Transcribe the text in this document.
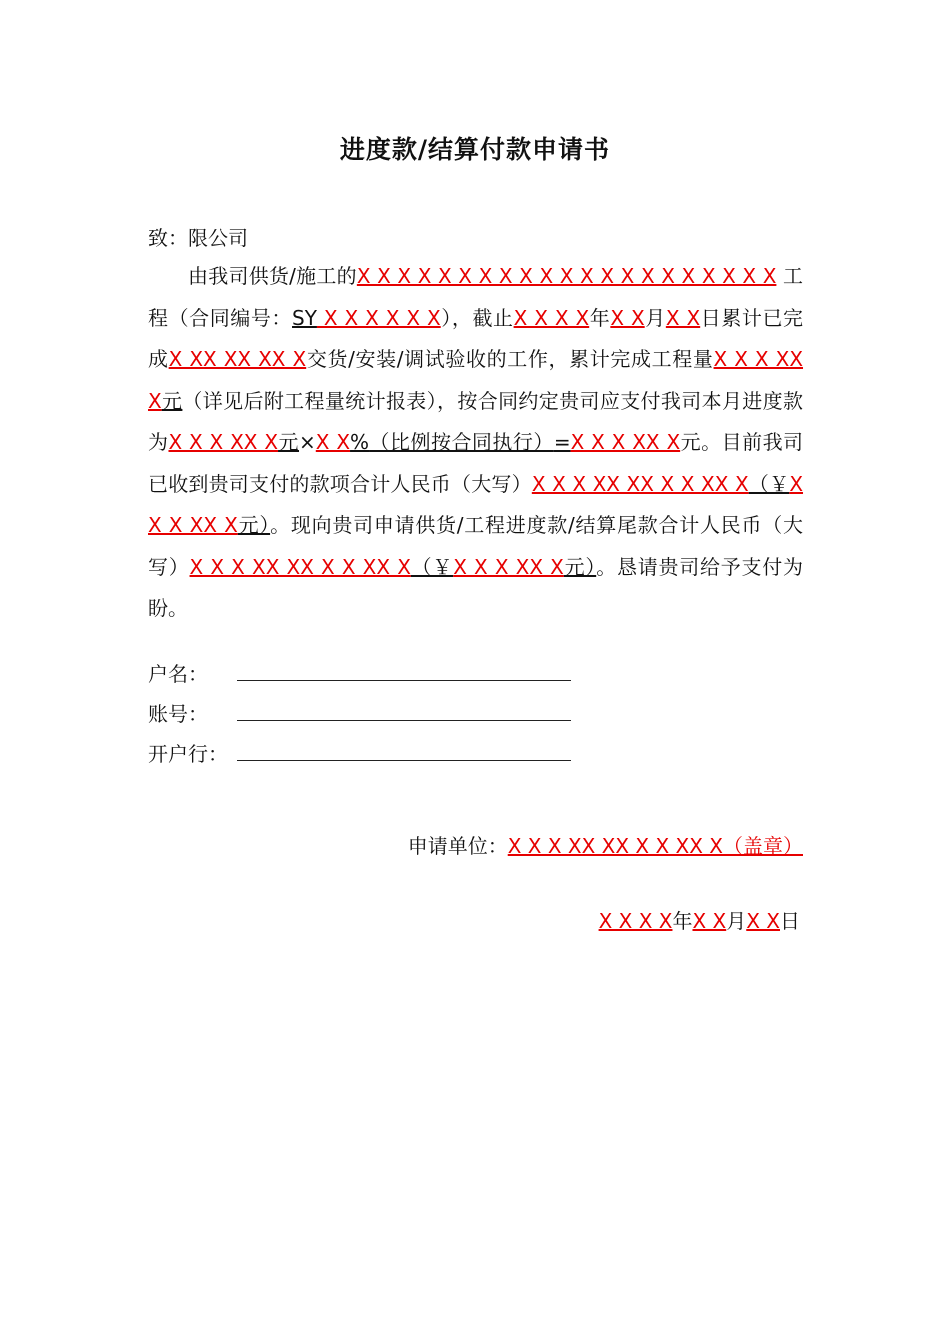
进度款/结算付款申请书
致：限公司
由我司供货/施工的X X X X X X X X X X X X X X X X X X X X X 工程（合同编号：SY X X X X X X），截止X X X X年X X月X X日累计已完成X XX XX XX X交货/安装/调试验收的工作，累计完成工程量X X X XX X元（详见后附工程量统计报表），按合同约定贵司应支付我司本月进度款为X X X XX X元×X X%（比例按合同执行）=X X X XX X元。目前我司已收到贵司支付的款项合计人民币（大写）X X X XX XX X X XX X（￥X X X XX X元）。现向贵司申请供货/工程进度款/结算尾款合计人民币（大写）X X X XX XX X X XX X（￥X X X XX X元）。恳请贵司给予支付为盼。
户名：
账号：
开户行：
申请单位：X X X XX XX X X XX X（盖章）
X X X X年X X月X X日
